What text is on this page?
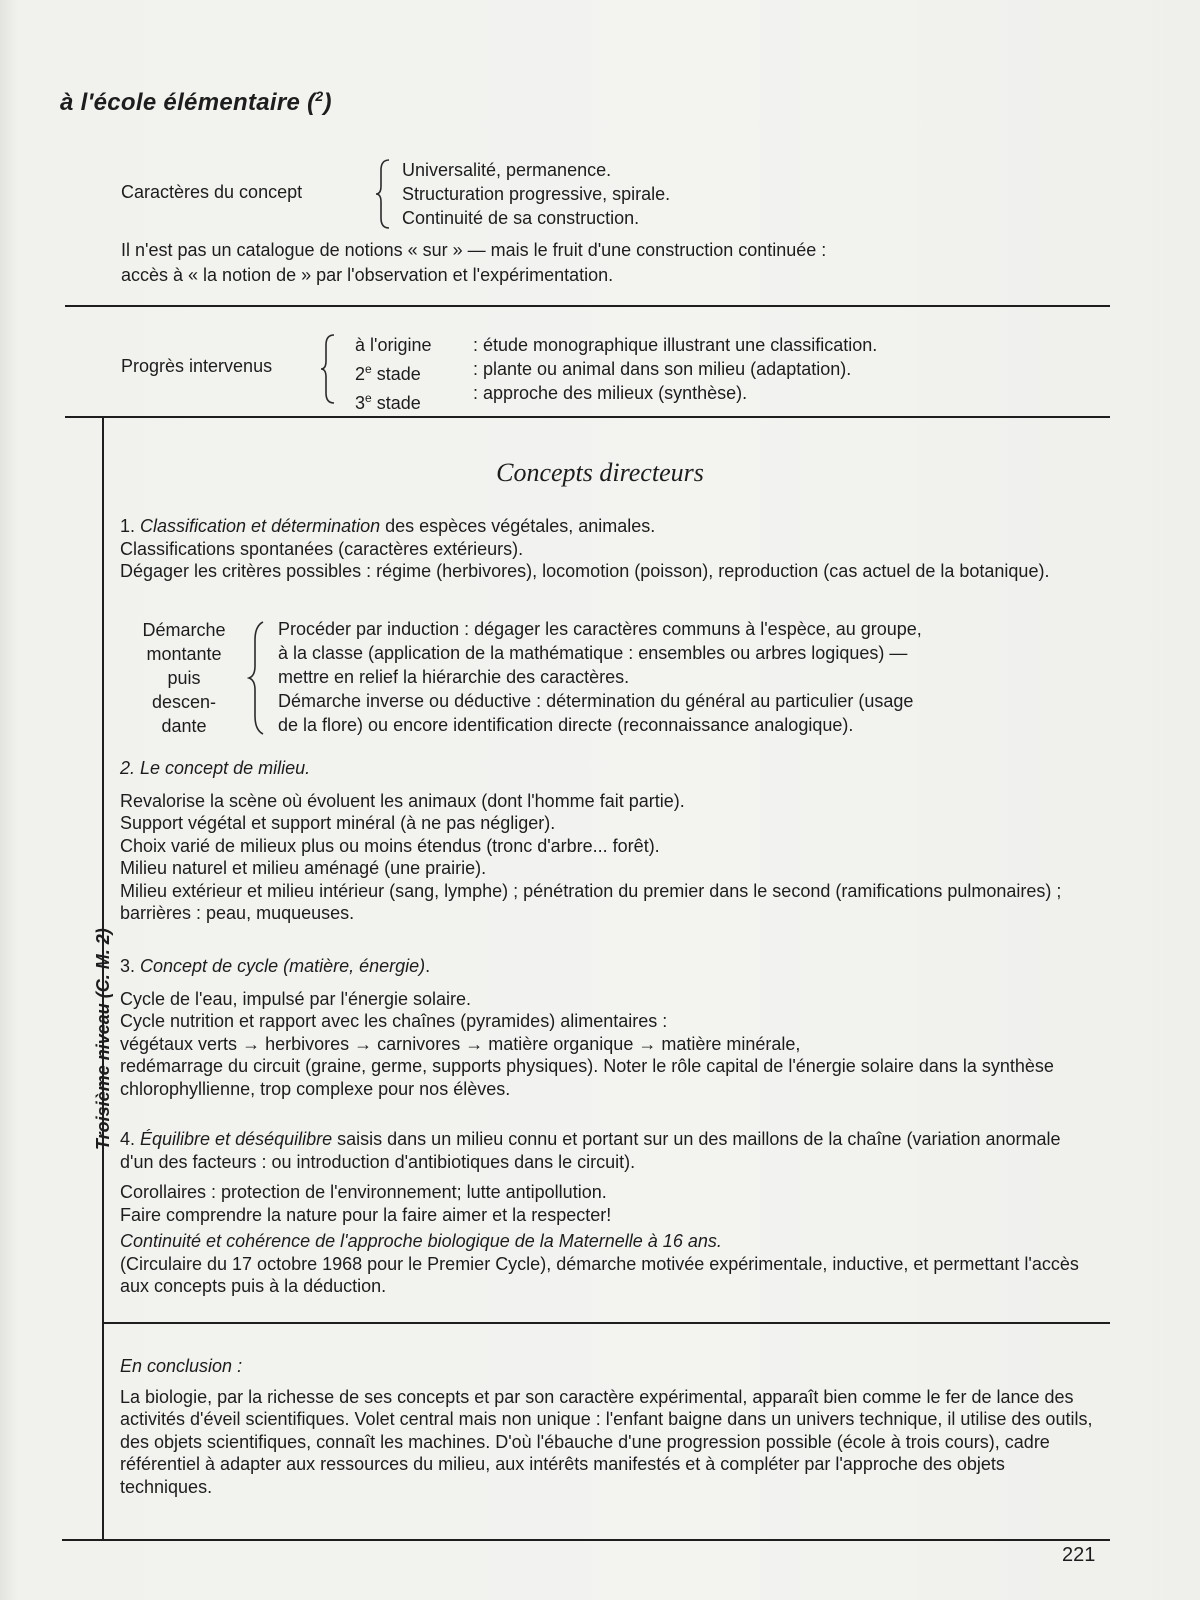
à l'école élémentaire ($^2$)
Caractères du concept
Universalité, permanence.
Structuration progressive, spirale.
Continuité de sa construction.
Il n'est pas un catalogue de notions « sur » — mais le fruit d'une construction continuée :
accès à « la notion de » par l'observation et l'expérimentation.
Progrès intervenus
à l'origine
2e stade
3e stade
: étude monographique illustrant une classification.
: plante ou animal dans son milieu (adaptation).
: approche des milieux (synthèse).
Troisième niveau (C. M. 2)
Concepts directeurs

1. Classification et détermination des espèces végétales, animales.

Classifications spontanées (caractères extérieurs).

Dégager les critères possibles : régime (herbivores), locomotion (poisson), reproduction (cas actuel de la botanique).

Démarche
montante
puis
descen-
dante
Procéder par induction : dégager les caractères communs à l'espèce, au groupe,
à la classe (application de la mathématique : ensembles ou arbres logiques) —
mettre en relief la hiérarchie des caractères.
Démarche inverse ou déductive : détermination du général au particulier (usage
de la flore) ou encore identification directe (reconnaissance analogique).

2. Le concept de milieu.

Revalorise la scène où évoluent les animaux (dont l'homme fait partie).

Support végétal et support minéral (à ne pas négliger).

Choix varié de milieux plus ou moins étendus (tronc d'arbre... forêt).

Milieu naturel et milieu aménagé (une prairie).

Milieu extérieur et milieu intérieur (sang, lymphe) ; pénétration du premier dans le second (ramifications pulmonaires) ; barrières : peau, muqueuses.

3. Concept de cycle (matière, énergie).

Cycle de l'eau, impulsé par l'énergie solaire.

Cycle nutrition et rapport avec les chaînes (pyramides) alimentaires :

végétaux verts → herbivores → carnivores → matière organique → matière minérale,

redémarrage du circuit (graine, germe, supports physiques). Noter le rôle capital de l'énergie solaire dans la synthèse chlorophyllienne, trop complexe pour nos élèves.

4. Équilibre et déséquilibre saisis dans un milieu connu et portant sur un des maillons de la chaîne (variation anormale d'un des facteurs : ou introduction d'antibiotiques dans le circuit).

Corollaires : protection de l'environnement; lutte antipollution.

Faire comprendre la nature pour la faire aimer et la respecter!

Continuité et cohérence de l'approche biologique de la Maternelle à 16 ans.

(Circulaire du 17 octobre 1968 pour le Premier Cycle), démarche motivée expérimentale, inductive, et permettant l'accès aux concepts puis à la déduction.

En conclusion :

La biologie, par la richesse de ses concepts et par son caractère expérimental, apparaît bien comme le fer de lance des activités d'éveil scientifiques. Volet central mais non unique : l'enfant baigne dans un univers technique, il utilise des outils, des objets scientifiques, connaît les machines. D'où l'ébauche d'une progression possible (école à trois cours), cadre référentiel à adapter aux ressources du milieu, aux intérêts manifestés et à compléter par l'approche des objets techniques.

221
